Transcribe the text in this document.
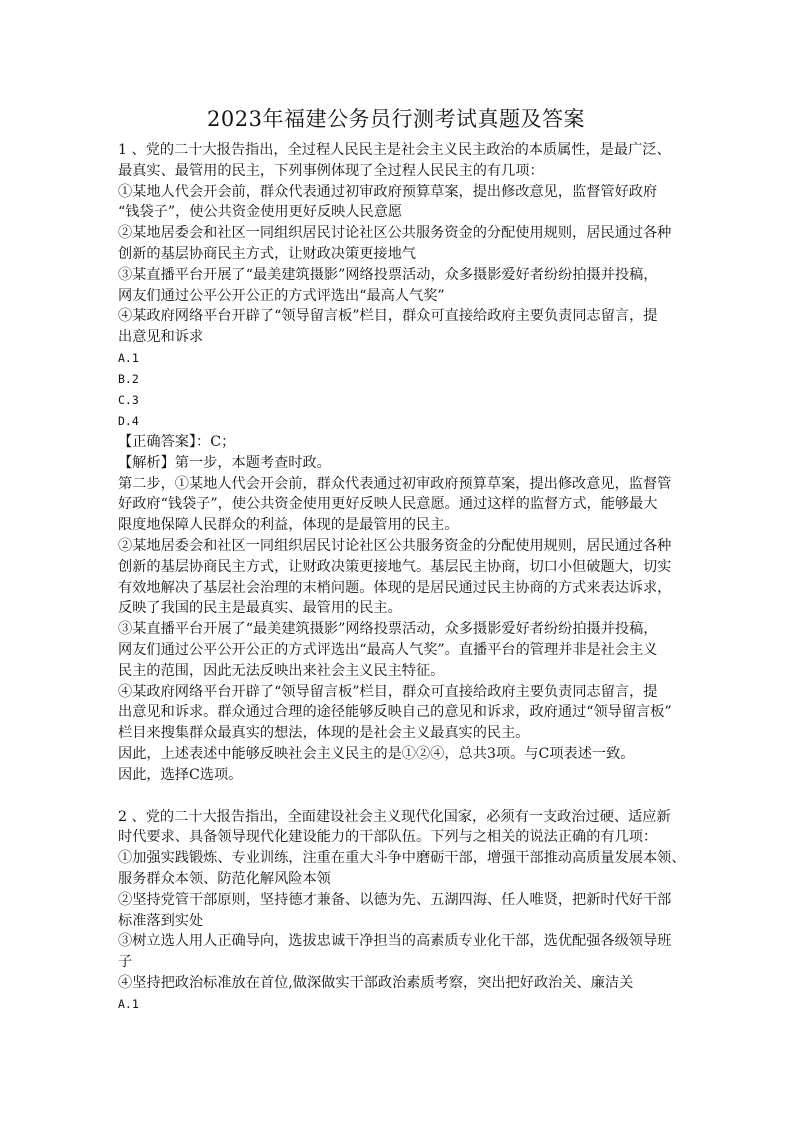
2023年福建公务员行测考试真题及答案
1 、党的二十大报告指出，全过程人民民主是社会主义民主政治的本质属性，是最广泛、
最真实、最管用的民主，下列事例体现了全过程人民民主的有几项：
①某地人代会开会前，群众代表通过初审政府预算草案，提出修改意见，监督管好政府
“钱袋子”，使公共资金使用更好反映人民意愿
②某地居委会和社区一同组织居民讨论社区公共服务资金的分配使用规则，居民通过各种
创新的基层协商民主方式，让财政决策更接地气
③某直播平台开展了“最美建筑摄影”网络投票活动，众多摄影爱好者纷纷拍摄并投稿，
网友们通过公平公开公正的方式评选出“最高人气奖”
④某政府网络平台开辟了“领导留言板”栏目，群众可直接给政府主要负责同志留言，提
出意见和诉求
A.1
B.2
C.3
D.4
【正确答案】：C；
【解析】第一步，本题考查时政。
第二步，①某地人代会开会前，群众代表通过初审政府预算草案，提出修改意见，监督管
好政府“钱袋子”，使公共资金使用更好反映人民意愿。通过这样的监督方式，能够最大
限度地保障人民群众的利益，体现的是最管用的民主。
②某地居委会和社区一同组织居民讨论社区公共服务资金的分配使用规则，居民通过各种
创新的基层协商民主方式，让财政决策更接地气。基层民主协商，切口小但破题大，切实
有效地解决了基层社会治理的末梢问题。体现的是居民通过民主协商的方式来表达诉求，
反映了我国的民主是最真实、最管用的民主。
③某直播平台开展了“最美建筑摄影”网络投票活动，众多摄影爱好者纷纷拍摄并投稿，
网友们通过公平公开公正的方式评选出“最高人气奖”。直播平台的管理并非是社会主义
民主的范围，因此无法反映出来社会主义民主特征。
④某政府网络平台开辟了“领导留言板”栏目，群众可直接给政府主要负责同志留言，提
出意见和诉求。群众通过合理的途径能够反映自己的意见和诉求，政府通过“领导留言板”
栏目来搜集群众最真实的想法，体现的是社会主义最真实的民主。
因此，上述表述中能够反映社会主义民主的是①②④，总共3项。与C项表述一致。
因此，选择C选项。
2 、党的二十大报告指出，全面建设社会主义现代化国家，必须有一支政治过硬、适应新
时代要求、具备领导现代化建设能力的干部队伍。下列与之相关的说法正确的有几项：
①加强实践锻炼、专业训练，注重在重大斗争中磨砺干部，增强干部推动高质量发展本领、
服务群众本领、防范化解风险本领
②坚持党管干部原则，坚持德才兼备、以德为先、五湖四海、任人唯贤，把新时代好干部
标准落到实处
③树立选人用人正确导向，选拔忠诚干净担当的高素质专业化干部，选优配强各级领导班
子
④坚持把政治标准放在首位,做深做实干部政治素质考察，突出把好政治关、廉洁关
A.1
